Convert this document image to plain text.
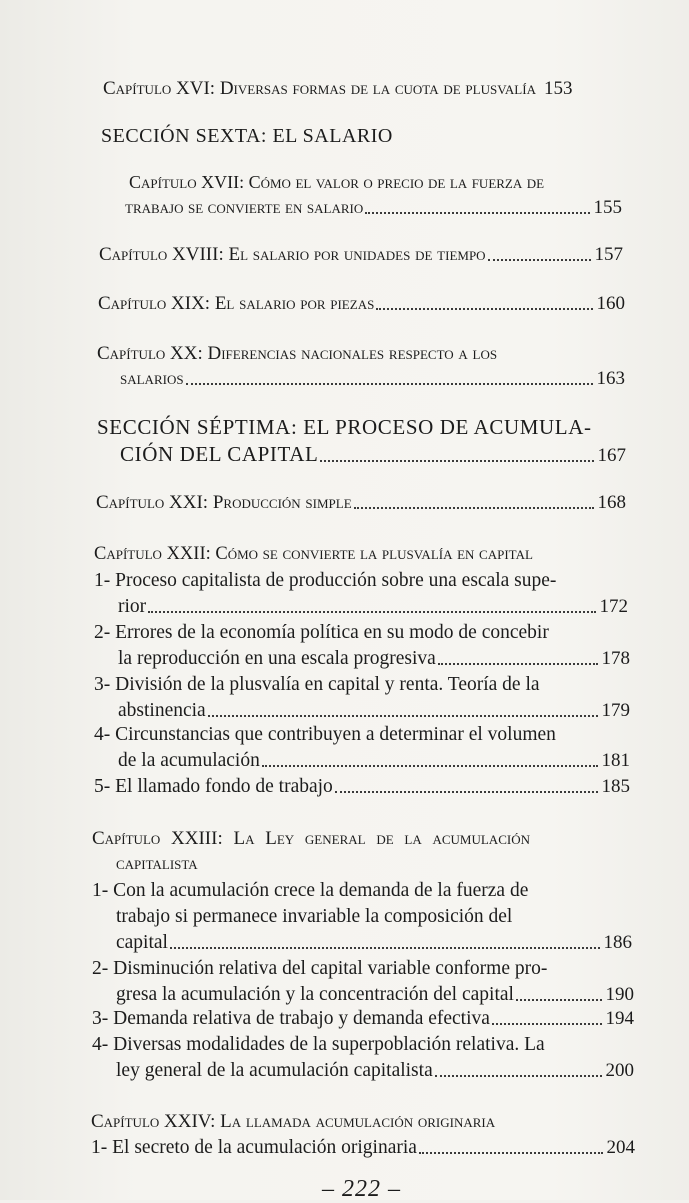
Capítulo XVI: Diversas formas de la cuota de plusvalía 153
SECCIÓN SEXTA: EL SALARIO
Capítulo XVII: Cómo el valor o precio de la fuerza de
trabajo se convierte en salario	155
Capítulo XVIII: El salario por unidades de tiempo	157
Capítulo XIX: El salario por piezas	160
Capítulo XX: Diferencias nacionales respecto a los
salarios	163
SECCIÓN SÉPTIMA: EL PROCESO DE ACUMULA-
CIÓN DEL CAPITAL	167
Capítulo XXI: Producción simple	168
Capítulo XXII: Cómo se convierte la plusvalía en capital
1- Proceso capitalista de producción sobre una escala supe-
rior	172
2- Errores de la economía política en su modo de concebir
la reproducción en una escala progresiva	178
3- División de la plusvalía en capital y renta. Teoría de la
abstinencia	179
4- Circunstancias que contribuyen a determinar el volumen
de la acumulación	181
5- El llamado fondo de trabajo	185
Capítulo XXIII: La Ley general de la acumulación
capitalista
1- Con la acumulación crece la demanda de la fuerza de
trabajo si permanece invariable la composición del
capital	186
2- Disminución relativa del capital variable conforme pro-
gresa la acumulación y la concentración del capital	190
3- Demanda relativa de trabajo y demanda efectiva	194
4- Diversas modalidades de la superpoblación relativa. La
ley general de la acumulación capitalista	200
Capítulo XXIV: La llamada acumulación originaria
1- El secreto de la acumulación originaria	204
– 222 –
